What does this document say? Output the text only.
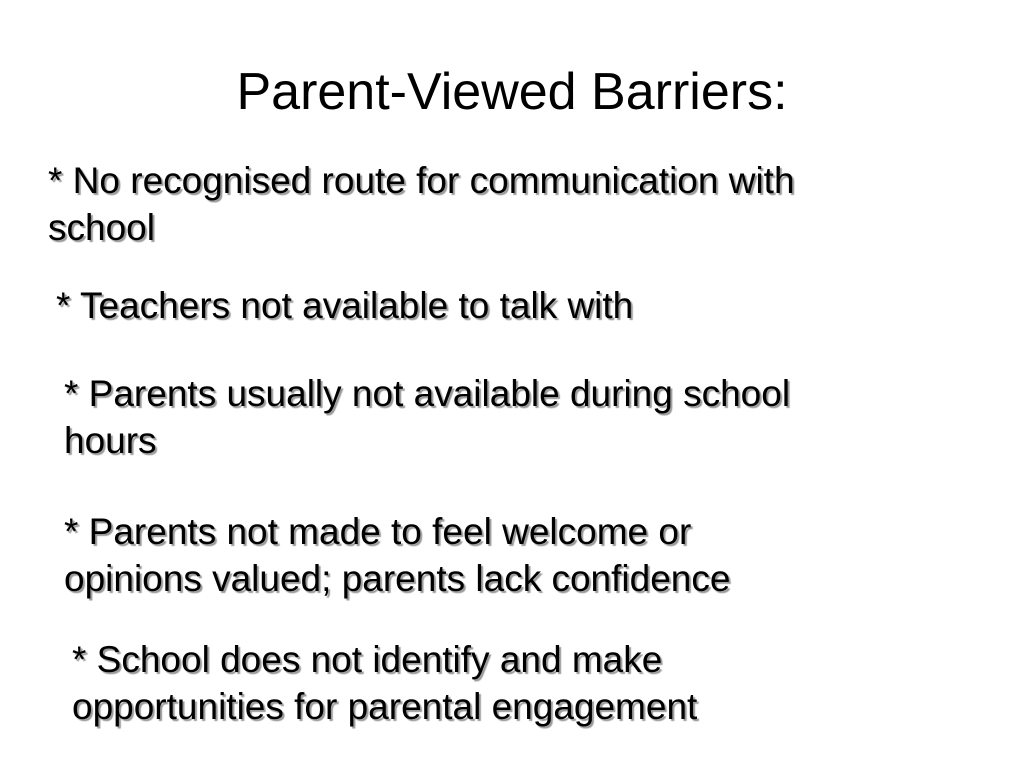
Parent-Viewed Barriers:

* No recognised route for communication with
school

* Teachers not available to talk with

* Parents usually not available during school
hours

* Parents not made to feel welcome or
opinions valued; parents lack confidence

* School does not identify and make
opportunities for parental engagement
